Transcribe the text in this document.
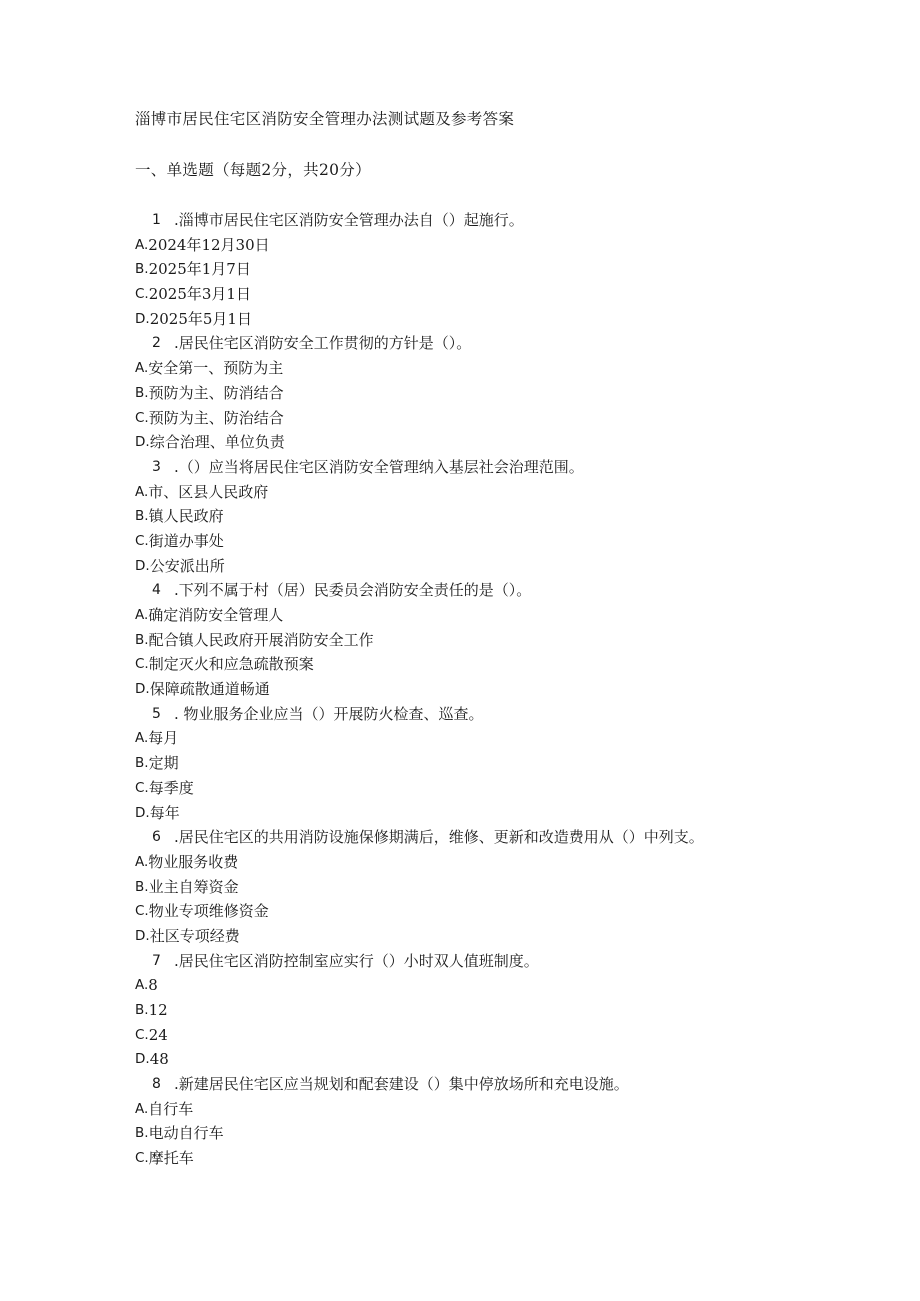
淄博市居民住宅区消防安全管理办法测试题及参考答案
一、单选题（每题2分，共20分）
1 .淄博市居民住宅区消防安全管理办法自（）起施行。
A. 2024年12月30日
B. 2025年1月7日
C. 2025年3月1日
D. 2025年5月1日
2 .居民住宅区消防安全工作贯彻的方针是（）。
A. 安全第一、预防为主
B. 预防为主、防消结合
C. 预防为主、防治结合
D. 综合治理、单位负责
3 .（）应当将居民住宅区消防安全管理纳入基层社会治理范围。
A. 市、区县人民政府
B. 镇人民政府
C. 街道办事处
D. 公安派出所
4 .下列不属于村（居）民委员会消防安全责任的是（）。
A. 确定消防安全管理人
B. 配合镇人民政府开展消防安全工作
C. 制定灭火和应急疏散预案
D. 保障疏散通道畅通
5 . 物业服务企业应当（）开展防火检查、巡查。
A. 每月
B. 定期
C. 每季度
D. 每年
6 .居民住宅区的共用消防设施保修期满后，维修、更新和改造费用从（）中列支。
A. 物业服务收费
B. 业主自筹资金
C. 物业专项维修资金
D. 社区专项经费
7 .居民住宅区消防控制室应实行（）小时双人值班制度。
A. 8
B. 12
C. 24
D. 48
8 .新建居民住宅区应当规划和配套建设（）集中停放场所和充电设施。
A. 自行车
B. 电动自行车
C. 摩托车
